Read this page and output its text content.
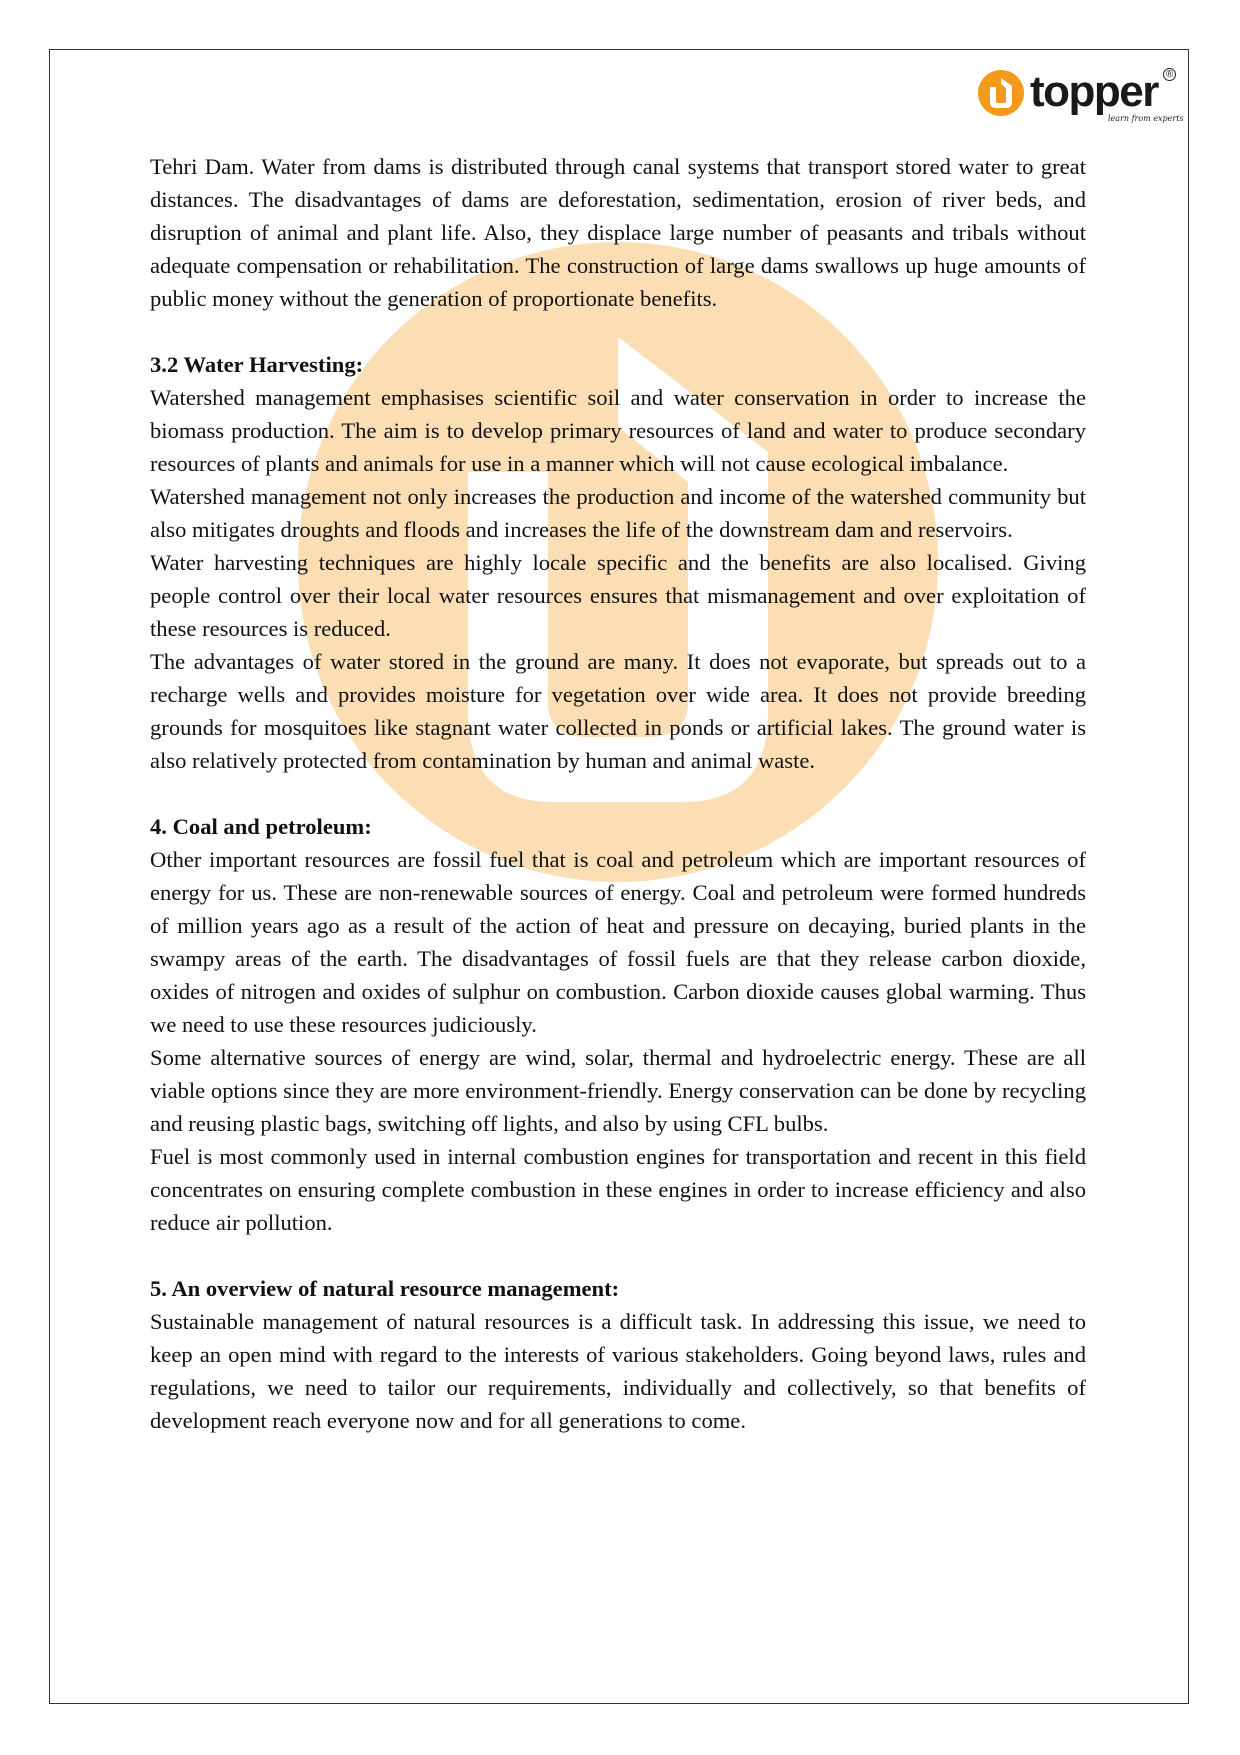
topper ®
learn from experts

Tehri Dam. Water from dams is distributed through canal systems that transport stored water to great distances. The disadvantages of dams are deforestation, sedimentation, erosion of river beds, and disruption of animal and plant life. Also, they displace large number of peasants and tribals without adequate compensation or rehabilitation. The construction of large dams swallows up huge amounts of public money without the generation of proportionate benefits.

3.2 Water Harvesting:

Watershed management emphasises scientific soil and water conservation in order to increase the biomass production. The aim is to develop primary resources of land and water to produce secondary resources of plants and animals for use in a manner which will not cause ecological imbalance.

Watershed management not only increases the production and income of the watershed community but also mitigates droughts and floods and increases the life of the downstream dam and reservoirs.

Water harvesting techniques are highly locale specific and the benefits are also localised. Giving people control over their local water resources ensures that mismanagement and over exploitation of these resources is reduced.

The advantages of water stored in the ground are many. It does not evaporate, but spreads out to a recharge wells and provides moisture for vegetation over wide area. It does not provide breeding grounds for mosquitoes like stagnant water collected in ponds or artificial lakes. The ground water is also relatively protected from contamination by human and animal waste.

4. Coal and petroleum:

Other important resources are fossil fuel that is coal and petroleum which are important resources of energy for us. These are non-renewable sources of energy. Coal and petroleum were formed hundreds of million years ago as a result of the action of heat and pressure on decaying, buried plants in the swampy areas of the earth. The disadvantages of fossil fuels are that they release carbon dioxide, oxides of nitrogen and oxides of sulphur on combustion. Carbon dioxide causes global warming. Thus we need to use these resources judiciously.

Some alternative sources of energy are wind, solar, thermal and hydroelectric energy. These are all viable options since they are more environment-friendly. Energy conservation can be done by recycling and reusing plastic bags, switching off lights, and also by using CFL bulbs.

Fuel is most commonly used in internal combustion engines for transportation and recent in this field concentrates on ensuring complete combustion in these engines in order to increase efficiency and also reduce air pollution.

5. An overview of natural resource management:

Sustainable management of natural resources is a difficult task. In addressing this issue, we need to keep an open mind with regard to the interests of various stakeholders. Going beyond laws, rules and regulations, we need to tailor our requirements, individually and collectively, so that benefits of development reach everyone now and for all generations to come.
